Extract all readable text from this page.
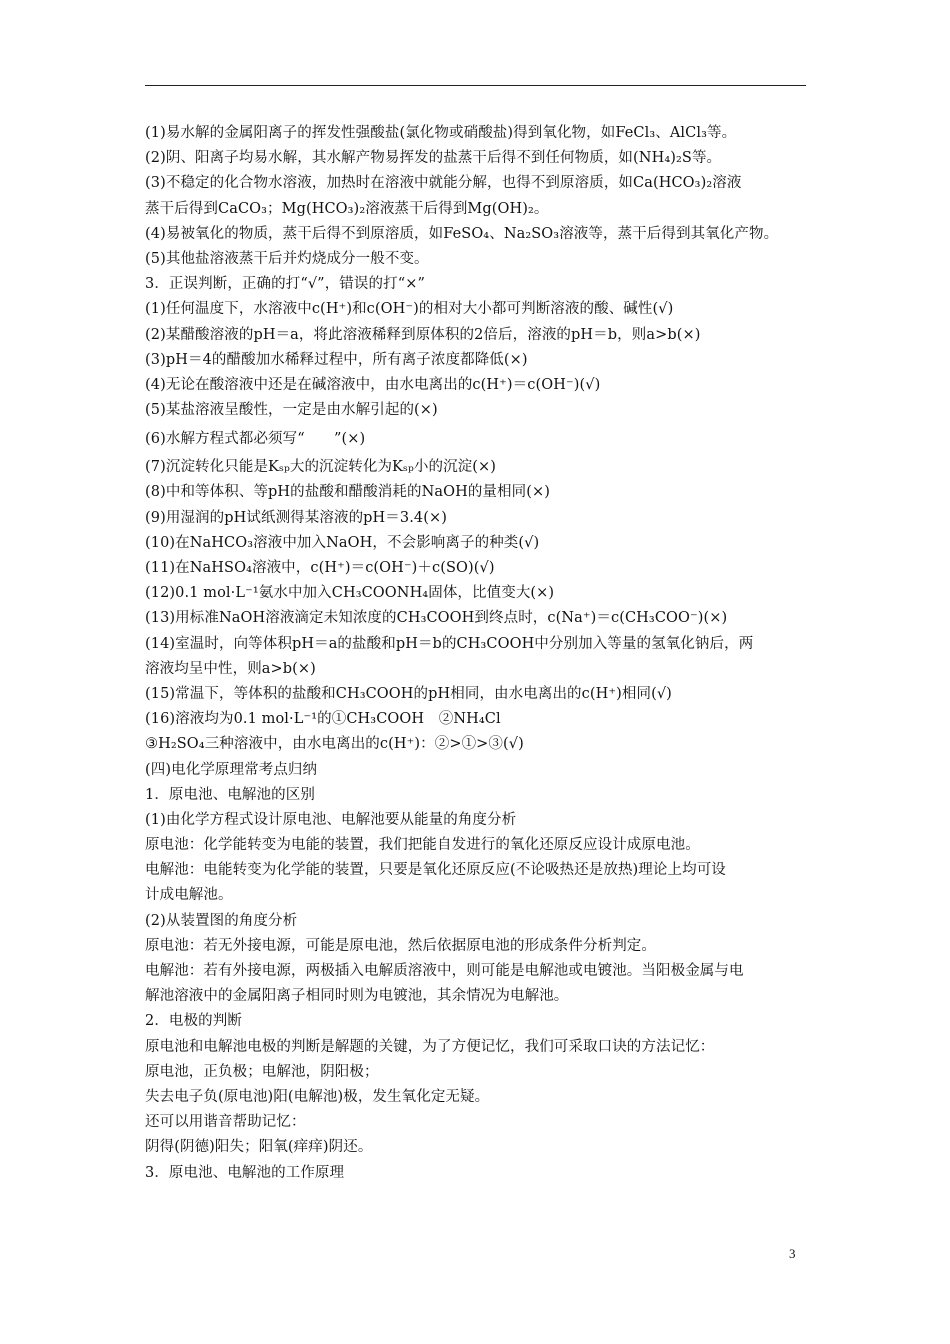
(1)易水解的金属阳离子的挥发性强酸盐(氯化物或硝酸盐)得到氧化物，如FeCl₃、AlCl₃等。
(2)阴、阳离子均易水解，其水解产物易挥发的盐蒸干后得不到任何物质，如(NH₄)₂S等。
(3)不稳定的化合物水溶液，加热时在溶液中就能分解，也得不到原溶质，如Ca(HCO₃)₂溶液
蒸干后得到CaCO₃；Mg(HCO₃)₂溶液蒸干后得到Mg(OH)₂。
(4)易被氧化的物质，蒸干后得不到原溶质，如FeSO₄、Na₂SO₃溶液等，蒸干后得到其氧化产物。
(5)其他盐溶液蒸干后并灼烧成分一般不变。
3．正误判断，正确的打“√”，错误的打“×”
(1)任何温度下，水溶液中c(H⁺)和c(OH⁻)的相对大小都可判断溶液的酸、碱性(√)
(2)某醋酸溶液的pH＝a，将此溶液稀释到原体积的2倍后，溶液的pH＝b，则a>b(×)
(3)pH＝4的醋酸加水稀释过程中，所有离子浓度都降低(×)
(4)无论在酸溶液中还是在碱溶液中，由水电离出的c(H⁺)＝c(OH⁻)(√)
(5)某盐溶液呈酸性，一定是由水解引起的(×)
(6)水解方程式都必须写“　　”(×)
(7)沉淀转化只能是Kₛₚ大的沉淀转化为Kₛₚ小的沉淀(×)
(8)中和等体积、等pH的盐酸和醋酸消耗的NaOH的量相同(×)
(9)用湿润的pH试纸测得某溶液的pH＝3.4(×)
(10)在NaHCO₃溶液中加入NaOH，不会影响离子的种类(√)
(11)在NaHSO₄溶液中，c(H⁺)＝c(OH⁻)＋c(SO)(√)
(12)0.1 mol·L⁻¹氨水中加入CH₃COONH₄固体，比值变大(×)
(13)用标准NaOH溶液滴定未知浓度的CH₃COOH到终点时，c(Na⁺)＝c(CH₃COO⁻)(×)
(14)室温时，向等体积pH＝a的盐酸和pH＝b的CH₃COOH中分别加入等量的氢氧化钠后，两
溶液均呈中性，则a>b(×)
(15)常温下，等体积的盐酸和CH₃COOH的pH相同，由水电离出的c(H⁺)相同(√)
(16)溶液均为0.1 mol·L⁻¹的①CH₃COOH　②NH₄Cl
③H₂SO₄三种溶液中，由水电离出的c(H⁺)：②>①>③(√)
(四)电化学原理常考点归纳
1．原电池、电解池的区别
(1)由化学方程式设计原电池、电解池要从能量的角度分析
原电池：化学能转变为电能的装置，我们把能自发进行的氧化还原反应设计成原电池。
电解池：电能转变为化学能的装置，只要是氧化还原反应(不论吸热还是放热)理论上均可设
计成电解池。
(2)从装置图的角度分析
原电池：若无外接电源，可能是原电池，然后依据原电池的形成条件分析判定。
电解池：若有外接电源，两极插入电解质溶液中，则可能是电解池或电镀池。当阳极金属与电
解池溶液中的金属阳离子相同时则为电镀池，其余情况为电解池。
2．电极的判断
原电池和电解池电极的判断是解题的关键，为了方便记忆，我们可采取口诀的方法记忆：
原电池，正负极；电解池，阴阳极；
失去电子负(原电池)阳(电解池)极，发生氧化定无疑。
还可以用谐音帮助记忆：
阴得(阴德)阳失；阳氧(痒痒)阴还。
3．原电池、电解池的工作原理
3
